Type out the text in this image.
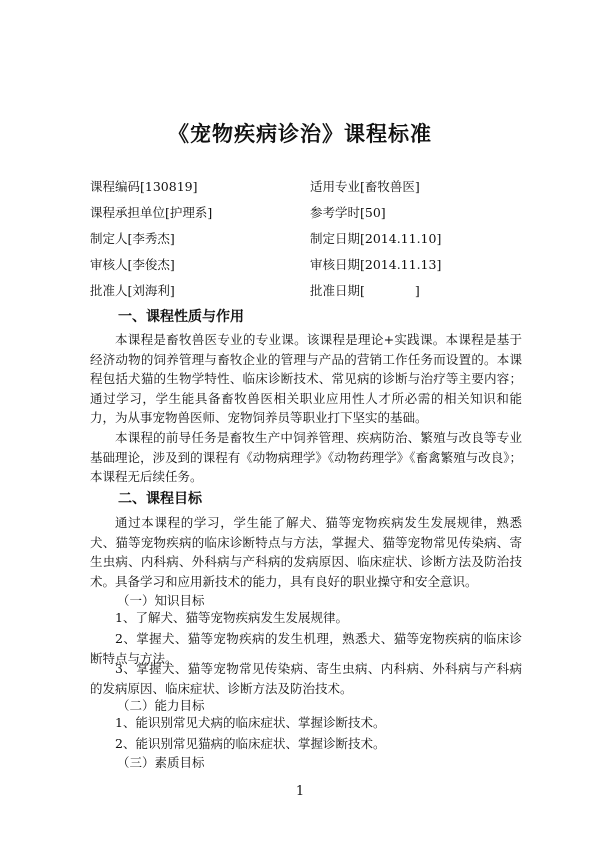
《宠物疾病诊治》课程标准
课程编码[130819]	适用专业[畜牧兽医]
课程承担单位[护理系]	参考学时[50]
制定人[李秀杰]	制定日期[2014.11.10]
审核人[李俊杰]	审核日期[2014.11.13]
批准人[刘海利]	批准日期[　　　　]
一、课程性质与作用
本课程是畜牧兽医专业的专业课。该课程是理论+实践课。本课程是基于经济动物的饲养管理与畜牧企业的管理与产品的营销工作任务而设置的。本课程包括犬猫的生物学特性、临床诊断技术、常见病的诊断与治疗等主要内容；通过学习，学生能具备畜牧兽医相关职业应用性人才所必需的相关知识和能力，为从事宠物兽医师、宠物饲养员等职业打下坚实的基础。
本课程的前导任务是畜牧生产中饲养管理、疾病防治、繁殖与改良等专业基础理论，涉及到的课程有《动物病理学》《动物药理学》《畜禽繁殖与改良》；本课程无后续任务。
二、课程目标
通过本课程的学习，学生能了解犬、猫等宠物疾病发生发展规律，熟悉犬、猫等宠物疾病的临床诊断特点与方法，掌握犬、猫等宠物常见传染病、寄生虫病、内科病、外科病与产科病的发病原因、临床症状、诊断方法及防治技术。具备学习和应用新技术的能力，具有良好的职业操守和安全意识。
（一）知识目标
1、了解犬、猫等宠物疾病发生发展规律。
2、掌握犬、猫等宠物疾病的发生机理，熟悉犬、猫等宠物疾病的临床诊断特点与方法。
3、掌握犬、猫等宠物常见传染病、寄生虫病、内科病、外科病与产科病的发病原因、临床症状、诊断方法及防治技术。
（二）能力目标
1、能识别常见犬病的临床症状、掌握诊断技术。
2、能识别常见猫病的临床症状、掌握诊断技术。
（三）素质目标
1
